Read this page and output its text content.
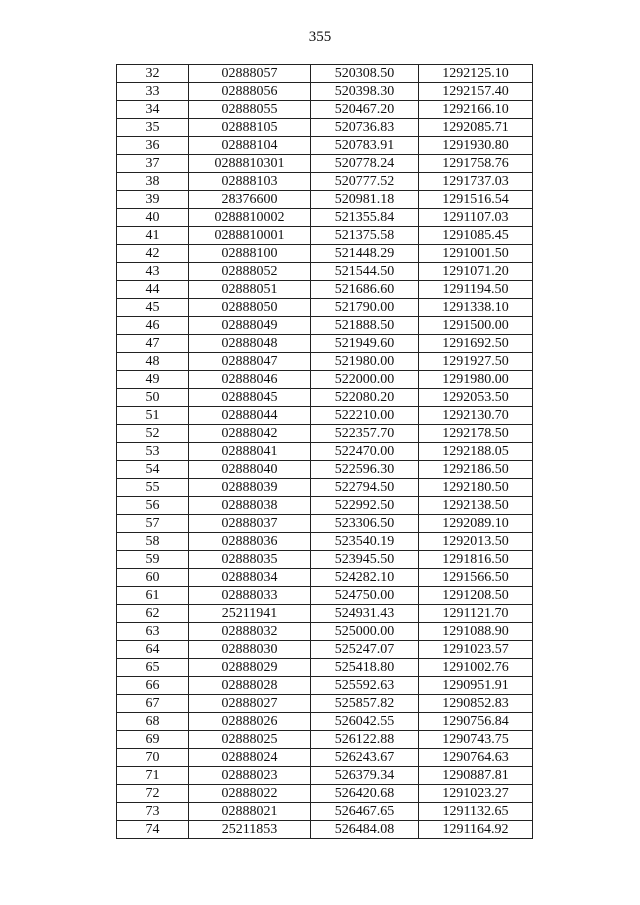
355
32	02888057	520308.50	1292125.10
33	02888056	520398.30	1292157.40
34	02888055	520467.20	1292166.10
35	02888105	520736.83	1292085.71
36	02888104	520783.91	1291930.80
37	0288810301	520778.24	1291758.76
38	02888103	520777.52	1291737.03
39	28376600	520981.18	1291516.54
40	0288810002	521355.84	1291107.03
41	0288810001	521375.58	1291085.45
42	02888100	521448.29	1291001.50
43	02888052	521544.50	1291071.20
44	02888051	521686.60	1291194.50
45	02888050	521790.00	1291338.10
46	02888049	521888.50	1291500.00
47	02888048	521949.60	1291692.50
48	02888047	521980.00	1291927.50
49	02888046	522000.00	1291980.00
50	02888045	522080.20	1292053.50
51	02888044	522210.00	1292130.70
52	02888042	522357.70	1292178.50
53	02888041	522470.00	1292188.05
54	02888040	522596.30	1292186.50
55	02888039	522794.50	1292180.50
56	02888038	522992.50	1292138.50
57	02888037	523306.50	1292089.10
58	02888036	523540.19	1292013.50
59	02888035	523945.50	1291816.50
60	02888034	524282.10	1291566.50
61	02888033	524750.00	1291208.50
62	25211941	524931.43	1291121.70
63	02888032	525000.00	1291088.90
64	02888030	525247.07	1291023.57
65	02888029	525418.80	1291002.76
66	02888028	525592.63	1290951.91
67	02888027	525857.82	1290852.83
68	02888026	526042.55	1290756.84
69	02888025	526122.88	1290743.75
70	02888024	526243.67	1290764.63
71	02888023	526379.34	1290887.81
72	02888022	526420.68	1291023.27
73	02888021	526467.65	1291132.65
74	25211853	526484.08	1291164.92
